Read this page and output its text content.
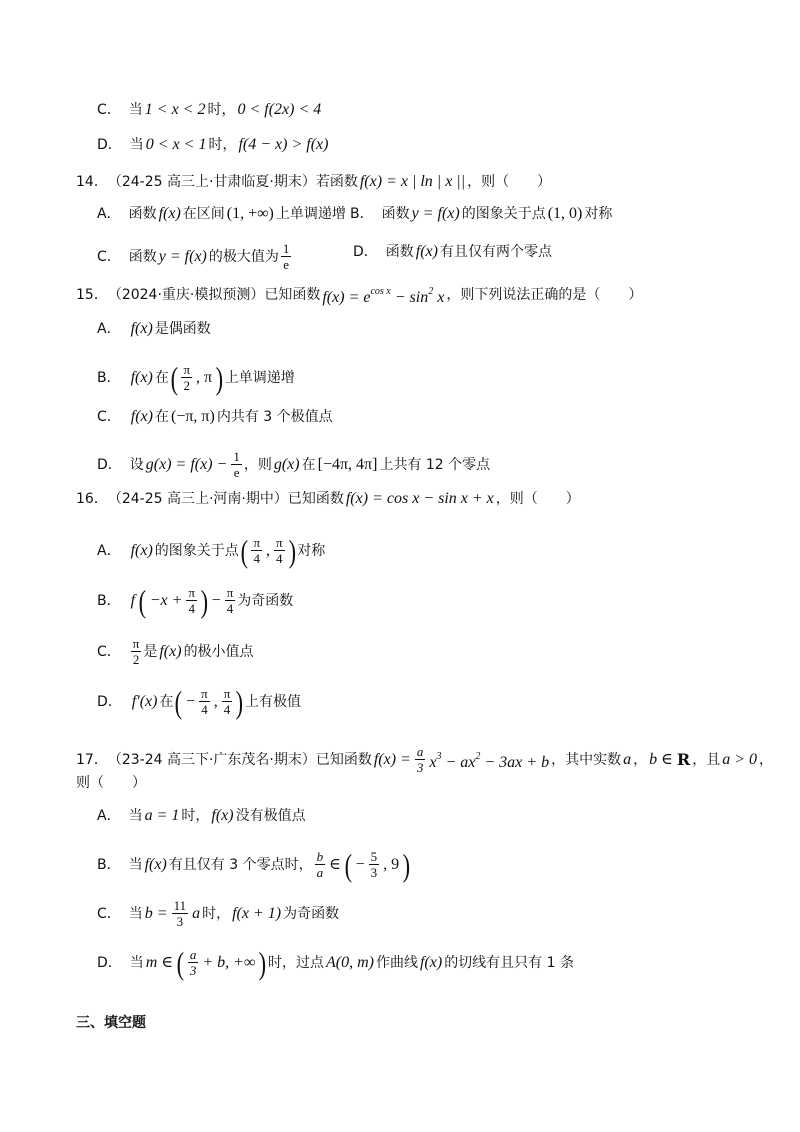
C． 当 1 < x < 2 时， 0 < f(2x) < 4
D． 当 0 < x < 1 时， f(4 − x) > f(x)
14． （24-25 高三上·甘肃临夏·期末） 若函数 f(x) = x | ln | x || ，则（　　）
A． 函数 f(x) 在区间 (1, +∞) 上单调递增 B． 函数 y = f(x) 的图象关于点 (1, 0) 对称
C． 函数 y = f(x) 的极大值为 $\frac{1}{e}$	D． 函数 f(x) 有且仅有两个零点
15． （2024·重庆·模拟预测） 已知函数 $f(x) = e^{cos x} - \sin^2 x$ ，则下列说法正确的是（　　）
A． f(x) 是偶函数
B． f(x) 在 ( $\frac{\pi}{2}$ , π ) 上单调递增
C． f(x) 在 (−π, π) 内共有 3 个极值点
D． 设 $g(x) = f(x) - \frac{1}{e}$ ，则 g(x) 在 [−4π, 4π] 上共有 12 个零点
16． （24-25 高三上·河南·期中） 已知函数 f(x) = cos x − sin x + x ，则（　　）
A． f(x) 的图象关于点 ( $\frac{\pi}{4}$ , $\frac{\pi}{4}$ ) 对称
B． f ( $-x + \frac{\pi}{4}$ ) − $\frac{\pi}{4}$ 为奇函数
C． $\frac{\pi}{2}$ 是 f(x) 的极小值点
D． f′(x) 在 ( − $\frac{\pi}{4}$ , $\frac{\pi}{4}$ ) 上有极值
17． （23-24 高三下·广东茂名·期末） 已知函数 $f(x) = \frac{a}{3} x^3 - ax^2 - 3ax + b$ ，其中实数 a ， b ∈ R ，且 a > 0 ，
则（　　）
A． 当 a = 1 时， f(x) 没有极值点
B． 当 f(x) 有且仅有 3 个零点时， $\frac{b}{a}$ ∈ ( − $\frac{5}{3}$ , 9 )
C． 当 $b = \frac{11}{3}$ a 时， f(x + 1) 为奇函数
D． 当 m ∈ ( $\frac{a}{3} + b$, +∞ ) 时，过点 A(0, m) 作曲线 f(x) 的切线有且只有 1 条
三、填空题
